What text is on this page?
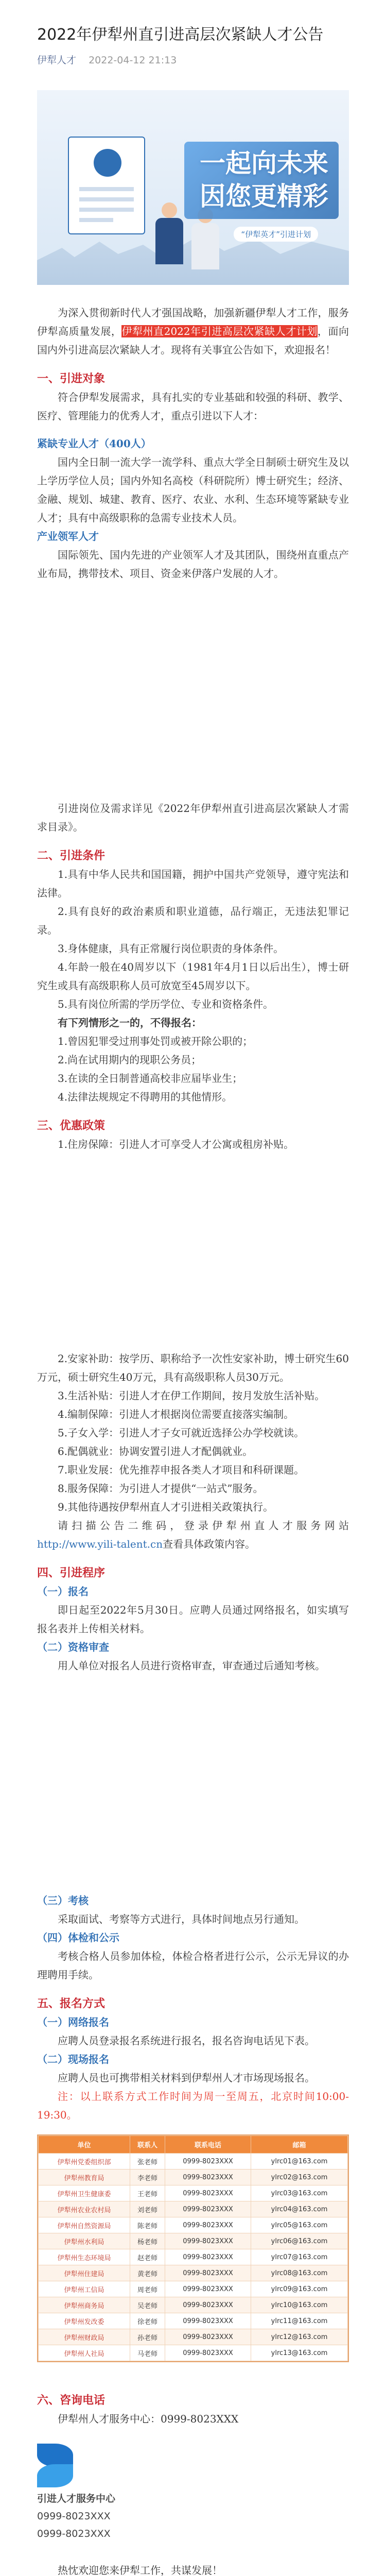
2022年伊犁州直引进高层次紧缺人才公告
伊犁人才 2022-04-12 21:13
一起向未来
因您更精彩
“伊犁英才”引进计划
为深入贯彻新时代人才强国战略，加强新疆伊犁人才工作，服务伊犁高质量发展，伊犁州直2022年引进高层次紧缺人才计划，面向国内外引进高层次紧缺人才。现将有关事宜公告如下，欢迎报名！
一、引进对象
符合伊犁发展需求，具有扎实的专业基础和较强的科研、教学、医疗、管理能力的优秀人才，重点引进以下人才：
紧缺专业人才（400人）
国内全日制一流大学一流学科、重点大学全日制硕士研究生及以上学历学位人员；国内外知名高校（科研院所）博士研究生；经济、金融、规划、城建、教育、医疗、农业、水利、生态环境等紧缺专业人才；具有中高级职称的急需专业技术人员。
产业领军人才
国际领先、国内先进的产业领军人才及其团队，围绕州直重点产业布局，携带技术、项目、资金来伊落户发展的人才。
引进岗位及需求详见《2022年伊犁州直引进高层次紧缺人才需求目录》。
二、引进条件
1.具有中华人民共和国国籍，拥护中国共产党领导，遵守宪法和法律。
2.具有良好的政治素质和职业道德，品行端正，无违法犯罪记录。
3.身体健康，具有正常履行岗位职责的身体条件。
4.年龄一般在40周岁以下（1981年4月1日以后出生），博士研究生或具有高级职称人员可放宽至45周岁以下。
5.具有岗位所需的学历学位、专业和资格条件。
有下列情形之一的，不得报名：
1.曾因犯罪受过刑事处罚或被开除公职的；
2.尚在试用期内的现职公务员；
3.在读的全日制普通高校非应届毕业生；
4.法律法规规定不得聘用的其他情形。
三、优惠政策
1.住房保障：引进人才可享受人才公寓或租房补贴。
2.安家补助：按学历、职称给予一次性安家补助，博士研究生60万元，硕士研究生40万元，具有高级职称人员30万元。
3.生活补贴：引进人才在伊工作期间，按月发放生活补贴。
4.编制保障：引进人才根据岗位需要直接落实编制。
5.子女入学：引进人才子女可就近选择公办学校就读。
6.配偶就业：协调安置引进人才配偶就业。
7.职业发展：优先推荐申报各类人才项目和科研课题。
8.服务保障：为引进人才提供“一站式”服务。
9.其他待遇按伊犁州直人才引进相关政策执行。
请扫描公告二维码，登录伊犁州直人才服务网站http://www.yili-talent.cn查看具体政策内容。
四、引进程序
（一）报名
即日起至2022年5月30日。应聘人员通过网络报名，如实填写报名表并上传相关材料。
（二）资格审查
用人单位对报名人员进行资格审查，审查通过后通知考核。
（三）考核
采取面试、考察等方式进行，具体时间地点另行通知。
（四）体检和公示
考核合格人员参加体检，体检合格者进行公示，公示无异议的办理聘用手续。
五、报名方式
（一）网络报名
应聘人员登录报名系统进行报名，报名咨询电话见下表。
（二）现场报名
应聘人员也可携带相关材料到伊犁州人才市场现场报名。
注：以上联系方式工作时间为周一至周五，北京时间10:00-19:30。
单位	联系人	联系电话	邮箱
伊犁州党委组织部	张老师	0999-8023XXX	ylrc01@163.com
伊犁州教育局	李老师	0999-8023XXX	ylrc02@163.com
伊犁州卫生健康委	王老师	0999-8023XXX	ylrc03@163.com
伊犁州农业农村局	刘老师	0999-8023XXX	ylrc04@163.com
伊犁州自然资源局	陈老师	0999-8023XXX	ylrc05@163.com
伊犁州水利局	杨老师	0999-8023XXX	ylrc06@163.com
伊犁州生态环境局	赵老师	0999-8023XXX	ylrc07@163.com
伊犁州住建局	黄老师	0999-8023XXX	ylrc08@163.com
伊犁州工信局	周老师	0999-8023XXX	ylrc09@163.com
伊犁州商务局	吴老师	0999-8023XXX	ylrc10@163.com
伊犁州发改委	徐老师	0999-8023XXX	ylrc11@163.com
伊犁州财政局	孙老师	0999-8023XXX	ylrc12@163.com
伊犁州人社局	马老师	0999-8023XXX	ylrc13@163.com
六、咨询电话
伊犁州人才服务中心：0999-8023XXX
引进人才服务中心
0999-8023XXX
0999-8023XXX
热忱欢迎您来伊犁工作，共谋发展！
